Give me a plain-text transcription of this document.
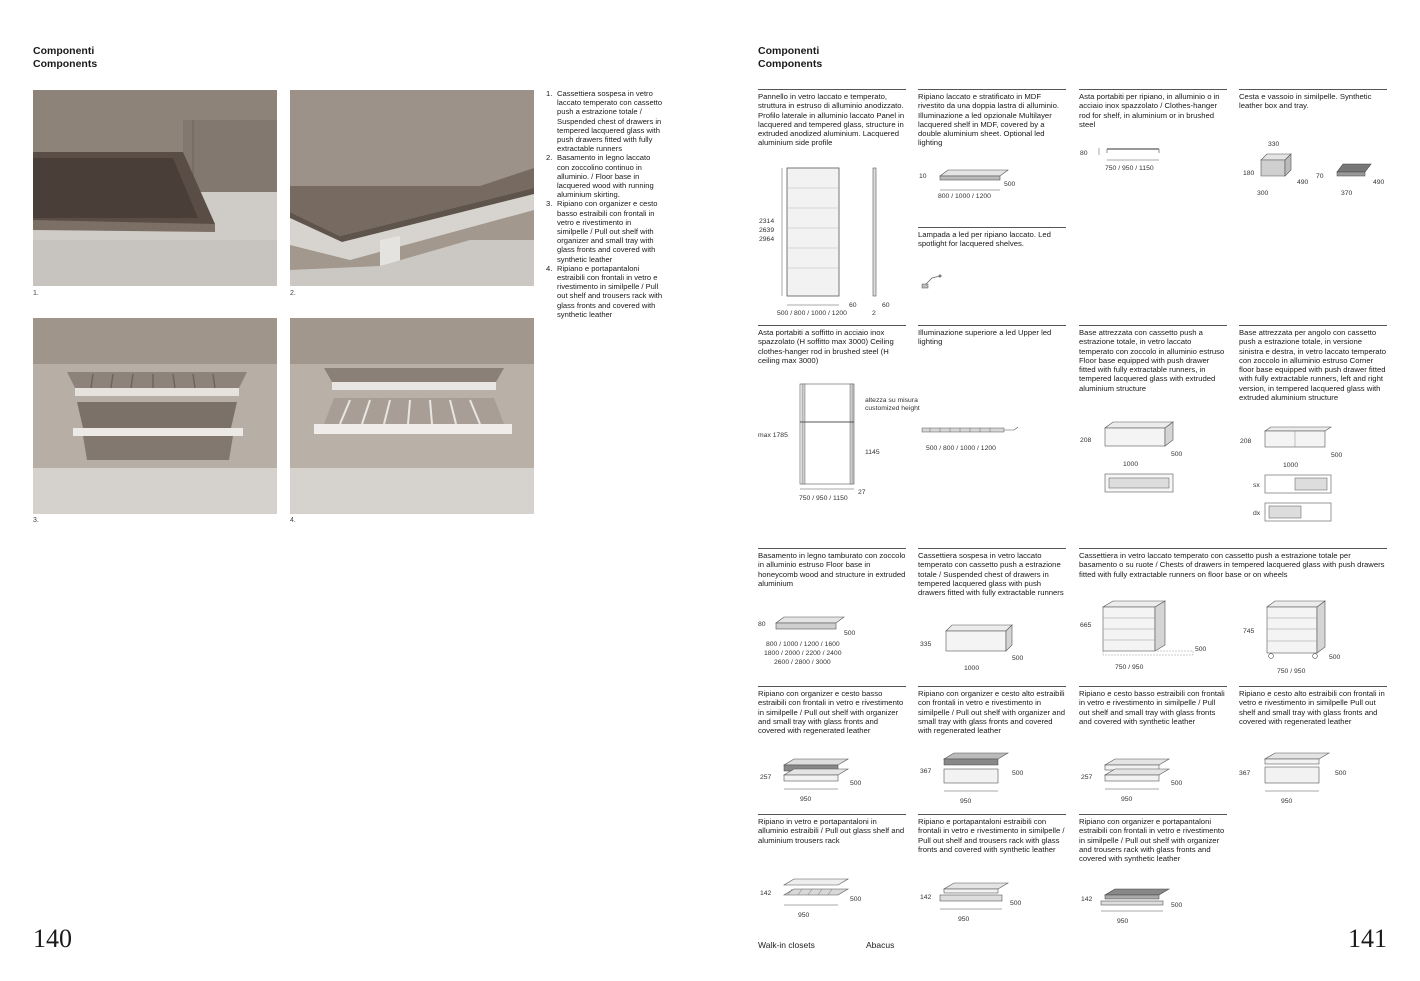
Componenti
Components
1.	2.
3.	4.
1. Cassettiera sospesa in vetro laccato temperato con cassetto push a estrazione totale / Suspended chest of drawers in tempered lacquered glass with push drawers fitted with fully extractable runners
2. Basamento in legno laccato con zoccolino continuo in alluminio. / Floor base in lacquered wood with running aluminium skirting.
3. Ripiano con organizer e cesto basso estraibili con frontali in vetro e rivestimento in similpelle / Pull out shelf with organizer and small tray with glass fronts and covered with synthetic leather
4. Ripiano e portapantaloni estraibili con frontali in vetro e rivestimento in similpelle / Pull out shelf and trousers rack with glass fronts and covered with synthetic leather
140
Componenti
Components
Pannello in vetro laccato e temperato, struttura in estruso di alluminio anodizzato. Profilo laterale in alluminio laccato Panel in lacquered and tempered glass, structure in extruded anodized aluminium. Lacquered aluminium side profile
2314
2639
2964
500 / 800 / 1000 / 1200
60	60
2
Ripiano laccato e stratificato in MDF rivestito da una doppia lastra di alluminio. Illuminazione a led opzionale Multilayer lacquered shelf in MDF, covered by a double aluminium sheet. Optional led lighting
10
500
800 / 1000 / 1200
Lampada a led per ripiano laccato. Led spotlight for lacquered shelves.
Asta portabiti per ripiano, in alluminio o in acciaio inox spazzolato / Clothes-hanger rod for shelf, in aluminium or in brushed steel
80
750 / 950 / 1150
Cesta e vassoio in similpelle. Synthetic leather box and tray.
330
180
490
300
70
490
370
Asta portabiti a soffitto in acciaio inox spazzolato (H soffitto max 3000) Ceiling clothes-hanger rod in brushed steel (H ceiling max 3000)
altezza su misura
customized height
max 1785
1145
27
750 / 950 / 1150
Illuminazione superiore a led Upper led lighting
500 / 800 / 1000 / 1200
Base attrezzata con cassetto push a estrazione totale, in vetro laccato temperato con zoccolo in alluminio estruso Floor base equipped with push drawer fitted with fully extractable runners, in tempered lacquered glass with extruded aluminium structure
208
500
1000
Base attrezzata per angolo con cassetto push a estrazione totale, in versione sinistra e destra, in vetro laccato temperato con zoccolo in alluminio estruso Corner floor base equipped with push drawer fitted with fully extractable runners, left and right version, in tempered lacquered glass with extruded aluminium structure
208
500
1000
sx
dx
Basamento in legno tamburato con zoccolo in alluminio estruso Floor base in honeycomb wood and structure in extruded aluminium
80
500
800 / 1000 / 1200 / 1600
1800 / 2000 / 2200 / 2400
2600 / 2800 / 3000
Cassettiera sospesa in vetro laccato temperato con cassetto push a estrazione totale / Suspended chest of drawers in tempered lacquered glass with push drawers fitted with fully extractable runners
335
500
1000
Cassettiera in vetro laccato temperato con cassetto push a estrazione totale per basamento o su ruote / Chests of drawers in tempered lacquered glass with push drawers fitted with fully extractable runners on floor base or on wheels
665
500
750 / 950
745
500
750 / 950
Ripiano con organizer e cesto basso estraibili con frontali in vetro e rivestimento in similpelle / Pull out shelf with organizer and small tray with glass fronts and covered with regenerated leather
257
500
950
Ripiano con organizer e cesto alto estraibili con frontali in vetro e rivestimento in similpelle / Pull out shelf with organizer and small tray with glass fronts and covered with regenerated leather
367	500
950
Ripiano e cesto basso estraibili con frontali in vetro e rivestimento in similpelle / Pull out shelf and small tray with glass fronts and covered with synthetic leather
257
500
950
Ripiano e cesto alto estraibili con frontali in vetro e rivestimento in similpelle Pull out shelf and small tray with glass fronts and covered with regenerated leather
367	500
950
Ripiano in vetro e portapantaloni in alluminio estraibili / Pull out glass shelf and aluminium trousers rack
142
500
950
Ripiano e portapantaloni estraibili con frontali in vetro e rivestimento in similpelle / Pull out shelf and trousers rack with glass fronts and covered with synthetic leather
142
500
950
Ripiano con organizer e portapantaloni estraibili con frontali in vetro e rivestimento in similpelle / Pull out shelf with organizer and trousers rack with glass fronts and covered with synthetic leather
142
500
950
Walk-in closets	Abacus	141
